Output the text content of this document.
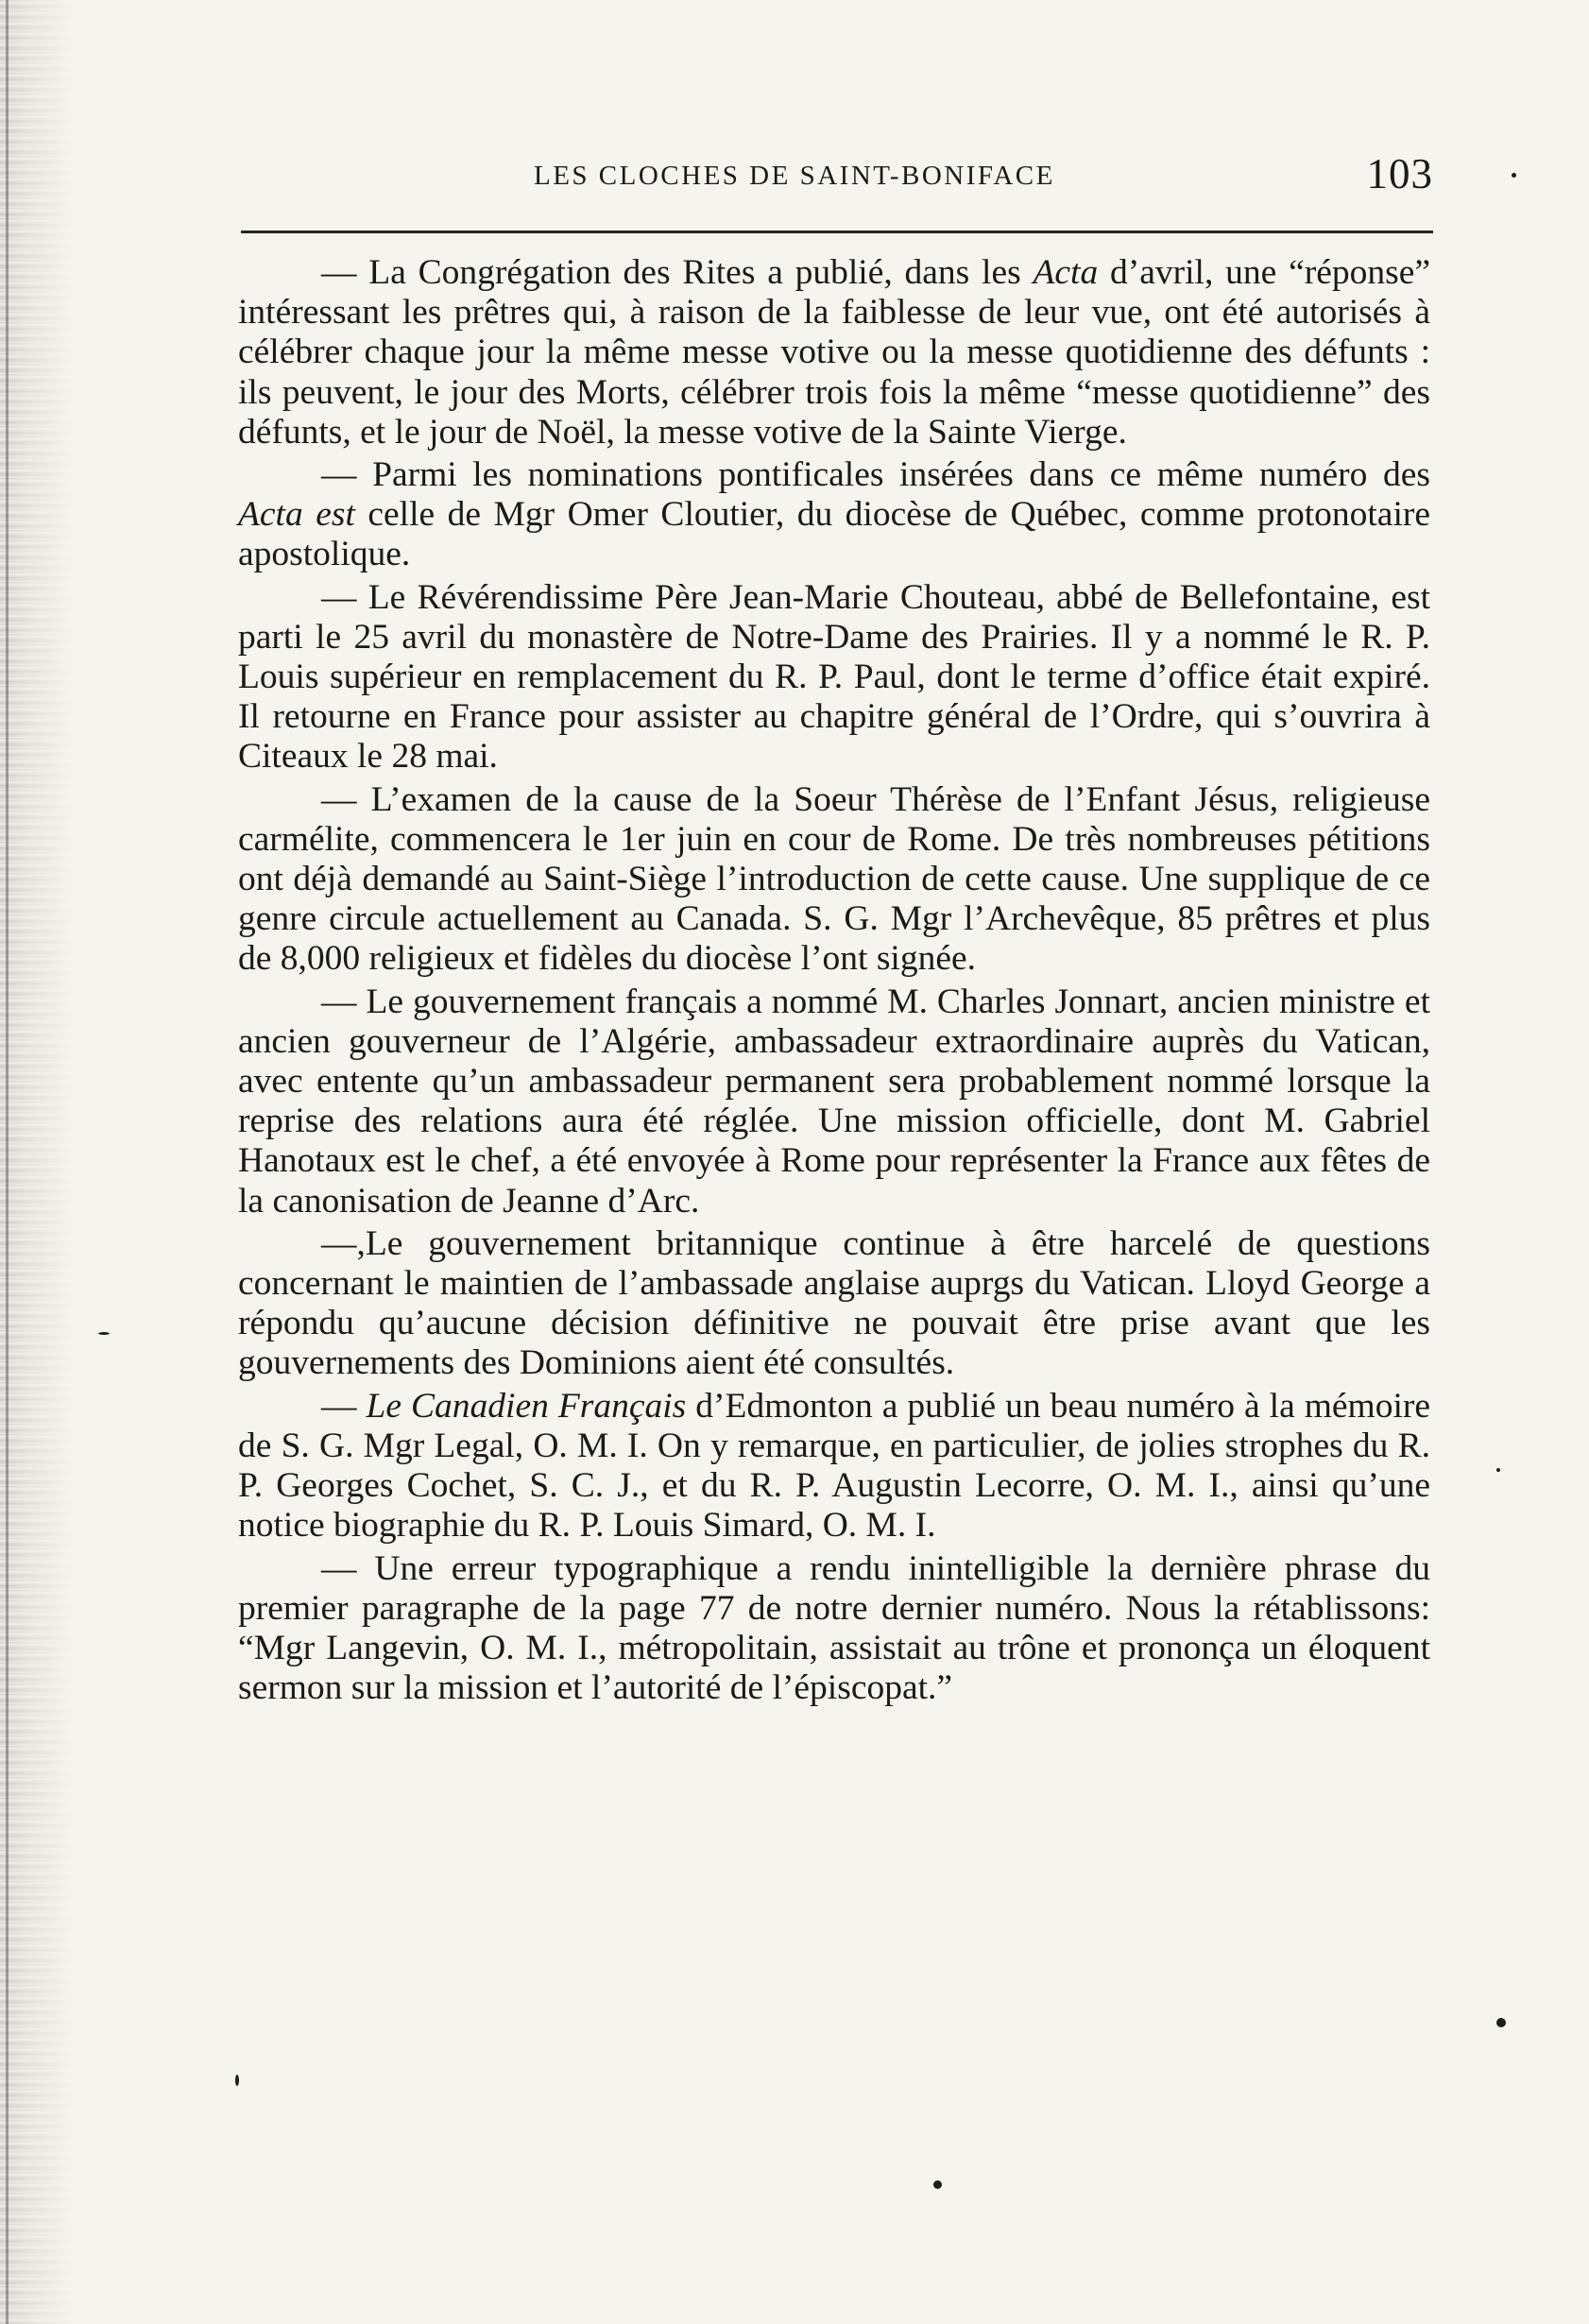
LES CLOCHES DE SAINT-BONIFACE	103

— La Congrégation des Rites a publié, dans les Acta d’avril, une “réponse” intéressant les prêtres qui, à raison de la faiblesse de leur vue, ont été autorisés à célébrer chaque jour la même messe votive ou la messe quotidienne des défunts : ils peuvent, le jour des Morts, célébrer trois fois la même “messe quotidienne” des défunts, et le jour de Noël, la messe votive de la Sainte Vierge.

— Parmi les nominations pontificales insérées dans ce même numéro des Acta est celle de Mgr Omer Cloutier, du diocèse de Québec, comme protonotaire apostolique.

— Le Révérendissime Père Jean-Marie Chouteau, abbé de Bellefontaine, est parti le 25 avril du monastère de Notre-Dame des Prairies. Il y a nommé le R. P. Louis supérieur en remplacement du R. P. Paul, dont le terme d’office était expiré. Il retourne en France pour assister au chapitre général de l’Ordre, qui s’ouvrira à Citeaux le 28 mai.

— L’examen de la cause de la Soeur Thérèse de l’Enfant Jésus, religieuse carmélite, commencera le 1er juin en cour de Rome. De très nombreuses pétitions ont déjà demandé au Saint-Siège l’introduction de cette cause. Une supplique de ce genre circule actuellement au Canada. S. G. Mgr l’Archevêque, 85 prêtres et plus de 8,000 religieux et fidèles du diocèse l’ont signée.

— Le gouvernement français a nommé M. Charles Jonnart, ancien ministre et ancien gouverneur de l’Algérie, ambassadeur extraordinaire auprès du Vatican, avec entente qu’un ambassadeur permanent sera probablement nommé lorsque la reprise des relations aura été réglée. Une mission officielle, dont M. Gabriel Hanotaux est le chef, a été envoyée à Rome pour représenter la France aux fêtes de la canonisation de Jeanne d’Arc.

—,Le gouvernement britannique continue à être harcelé de questions concernant le maintien de l’ambassade anglaise auprgs du Vatican. Lloyd George a répondu qu’aucune décision définitive ne pouvait être prise avant que les gouvernements des Dominions aient été consultés.

— Le Canadien Français d’Edmonton a publié un beau numéro à la mémoire de S. G. Mgr Legal, O. M. I. On y remarque, en particulier, de jolies strophes du R. P. Georges Cochet, S. C. J., et du R. P. Augustin Lecorre, O. M. I., ainsi qu’une notice biographie du R. P. Louis Simard, O. M. I.

— Une erreur typographique a rendu inintelligible la dernière phrase du premier paragraphe de la page 77 de notre dernier numéro. Nous la rétablissons: “Mgr Langevin, O. M. I., métropolitain, assistait au trône et prononça un éloquent sermon sur la mission et l’autorité de l’épiscopat.”
